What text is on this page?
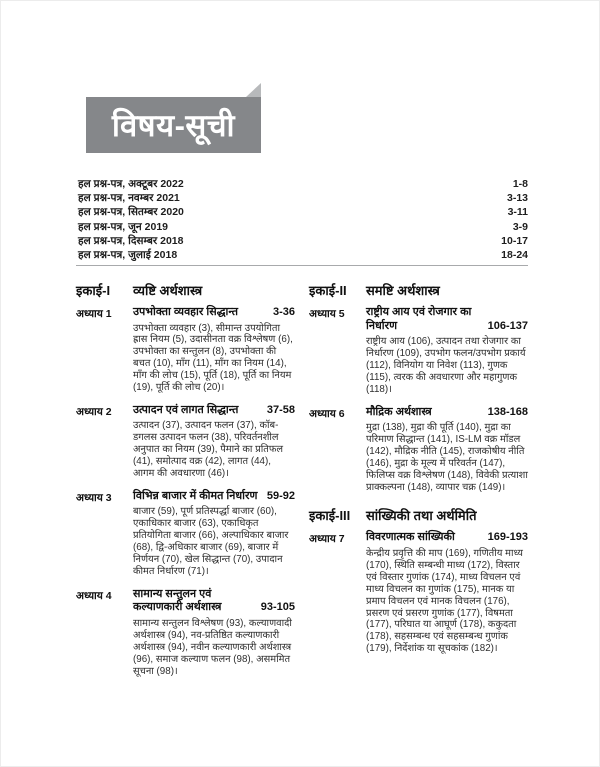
विषय-सूची
हल प्रश्न-पत्र, अक्टूबर 2022	1-8
हल प्रश्न-पत्र, नवम्बर 2021	3-13
हल प्रश्न-पत्र, सितम्बर 2020	3-11
हल प्रश्न-पत्र, जून 2019	3-9
हल प्रश्न-पत्र, दिसम्बर 2018	10-17
हल प्रश्न-पत्र, जुलाई 2018	18-24
इकाई-I	व्यष्टि अर्थशास्त्र
अध्याय 1	उपभोक्ता व्यवहार सिद्धान्त	3-36
उपभोक्ता व्यवहार (3), सीमान्त उपयोगिता ह्रास नियम (5), उदासीनता वक्र विश्लेषण (6), उपभोक्ता का सन्तुलन (8), उपभोक्ता की बचत (10), माँग (11), माँग का नियम (14), माँग की लोच (15), पूर्ति (18), पूर्ति का नियम (19), पूर्ति की लोच (20)।
अध्याय 2	उत्पादन एवं लागत सिद्धान्त	37-58
उत्पादन (37), उत्पादन फलन (37), कॉब-डगलस उत्पादन फलन (38), परिवर्तनशील अनुपात का नियम (39), पैमाने का प्रतिफल (41), समोत्पाद वक्र (42), लागत (44), आगम की अवधारणा (46)।
अध्याय 3	विभिन्न बाजार में कीमत निर्धारण 59-92
बाजार (59), पूर्ण प्रतिस्पर्द्धा बाजार (60), एकाधिकार बाजार (63), एकाधिकृत प्रतियोगिता बाजार (66), अल्पाधिकार बाजार (68), द्वि-अधिकार बाजार (69), बाजार में निर्णयन (70), खेल सिद्धान्त (70), उपादान कीमत निर्धारण (71)।
अध्याय 4	सामान्य सन्तुलन एवं कल्याणकारी अर्थशास्त्र	93-105
सामान्य सन्तुलन विश्लेषण (93), कल्याणवादी अर्थशास्त्र (94), नव-प्रतिष्ठित कल्याणकारी अर्थशास्त्र (94), नवीन कल्याणकारी अर्थशास्त्र (96), समाज कल्याण फलन (98), असममित सूचना (98)।
इकाई-II	समष्टि अर्थशास्त्र
अध्याय 5	राष्ट्रीय आय एवं रोजगार का निर्धारण	106-137
राष्ट्रीय आय (106), उत्पादन तथा रोजगार का निर्धारण (109), उपभोग फलन/उपभोग प्रकार्य (112), विनियोग या निवेश (113), गुणक (115), त्वरक की अवधारणा और महागुणक (118)।
अध्याय 6	मौद्रिक अर्थशास्त्र	138-168
मुद्रा (138), मुद्रा की पूर्ति (140), मुद्रा का परिमाण सिद्धान्त (141), IS-LM वक्र मॉडल (142), मौद्रिक नीति (145), राजकोषीय नीति (146), मुद्रा के मूल्य में परिवर्तन (147), फिलिप्स वक्र विश्लेषण (148), विवेकी प्रत्याशा प्राक्कल्पना (148), व्यापार चक्र (149)।
इकाई-III	सांख्यिकी तथा अर्थमिति
अध्याय 7	विवरणात्मक सांख्यिकी	169-193
केन्द्रीय प्रवृत्ति की माप (169), गणितीय माध्य (170), स्थिति सम्बन्धी माध्य (172), विस्तार एवं विस्तार गुणांक (174), माध्य विचलन एवं माध्य विचलन का गुणांक (175), मानक या प्रमाप विचलन एवं मानक विचलन (176), प्रसरण एवं प्रसरण गुणांक (177), विषमता (177), परिघात या आघूर्ण (178), ककुदता (178), सहसम्बन्ध एवं सहसम्बन्ध गुणांक (179), निर्देशांक या सूचकांक (182)।
